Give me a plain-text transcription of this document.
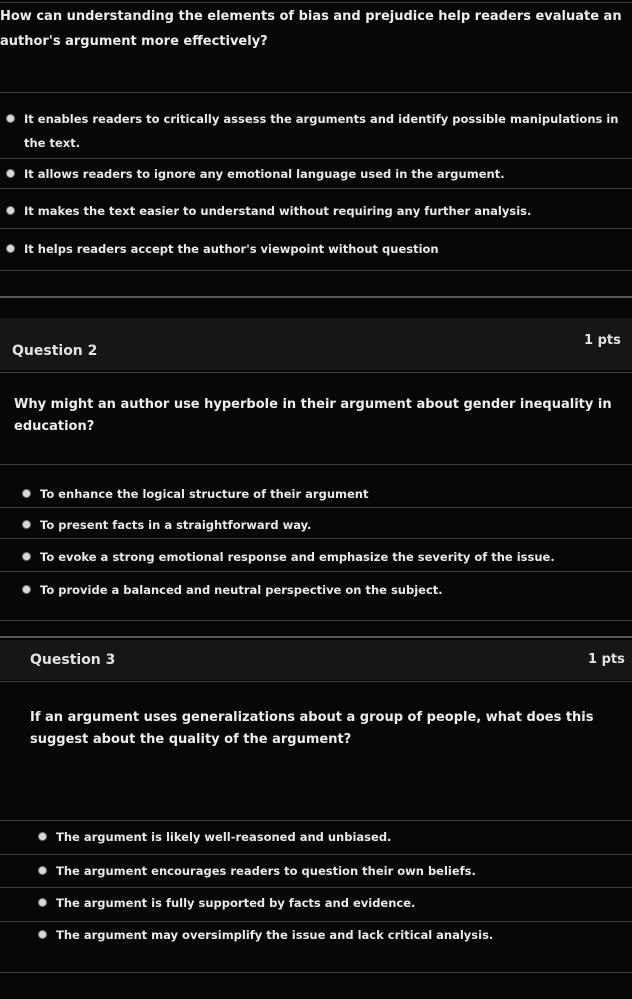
How can understanding the elements of bias and prejudice help readers evaluate an author's argument more effectively?
It enables readers to critically assess the arguments and identify possible manipulations in the text.
It allows readers to ignore any emotional language used in the argument.
It makes the text easier to understand without requiring any further analysis.
It helps readers accept the author's viewpoint without question
Question 2
1 pts
Why might an author use hyperbole in their argument about gender inequality in education?
To enhance the logical structure of their argument
To present facts in a straightforward way.
To evoke a strong emotional response and emphasize the severity of the issue.
To provide a balanced and neutral perspective on the subject.
Question 3	1 pts
If an argument uses generalizations about a group of people, what does this suggest about the quality of the argument?
The argument is likely well-reasoned and unbiased.
The argument encourages readers to question their own beliefs.
The argument is fully supported by facts and evidence.
The argument may oversimplify the issue and lack critical analysis.
